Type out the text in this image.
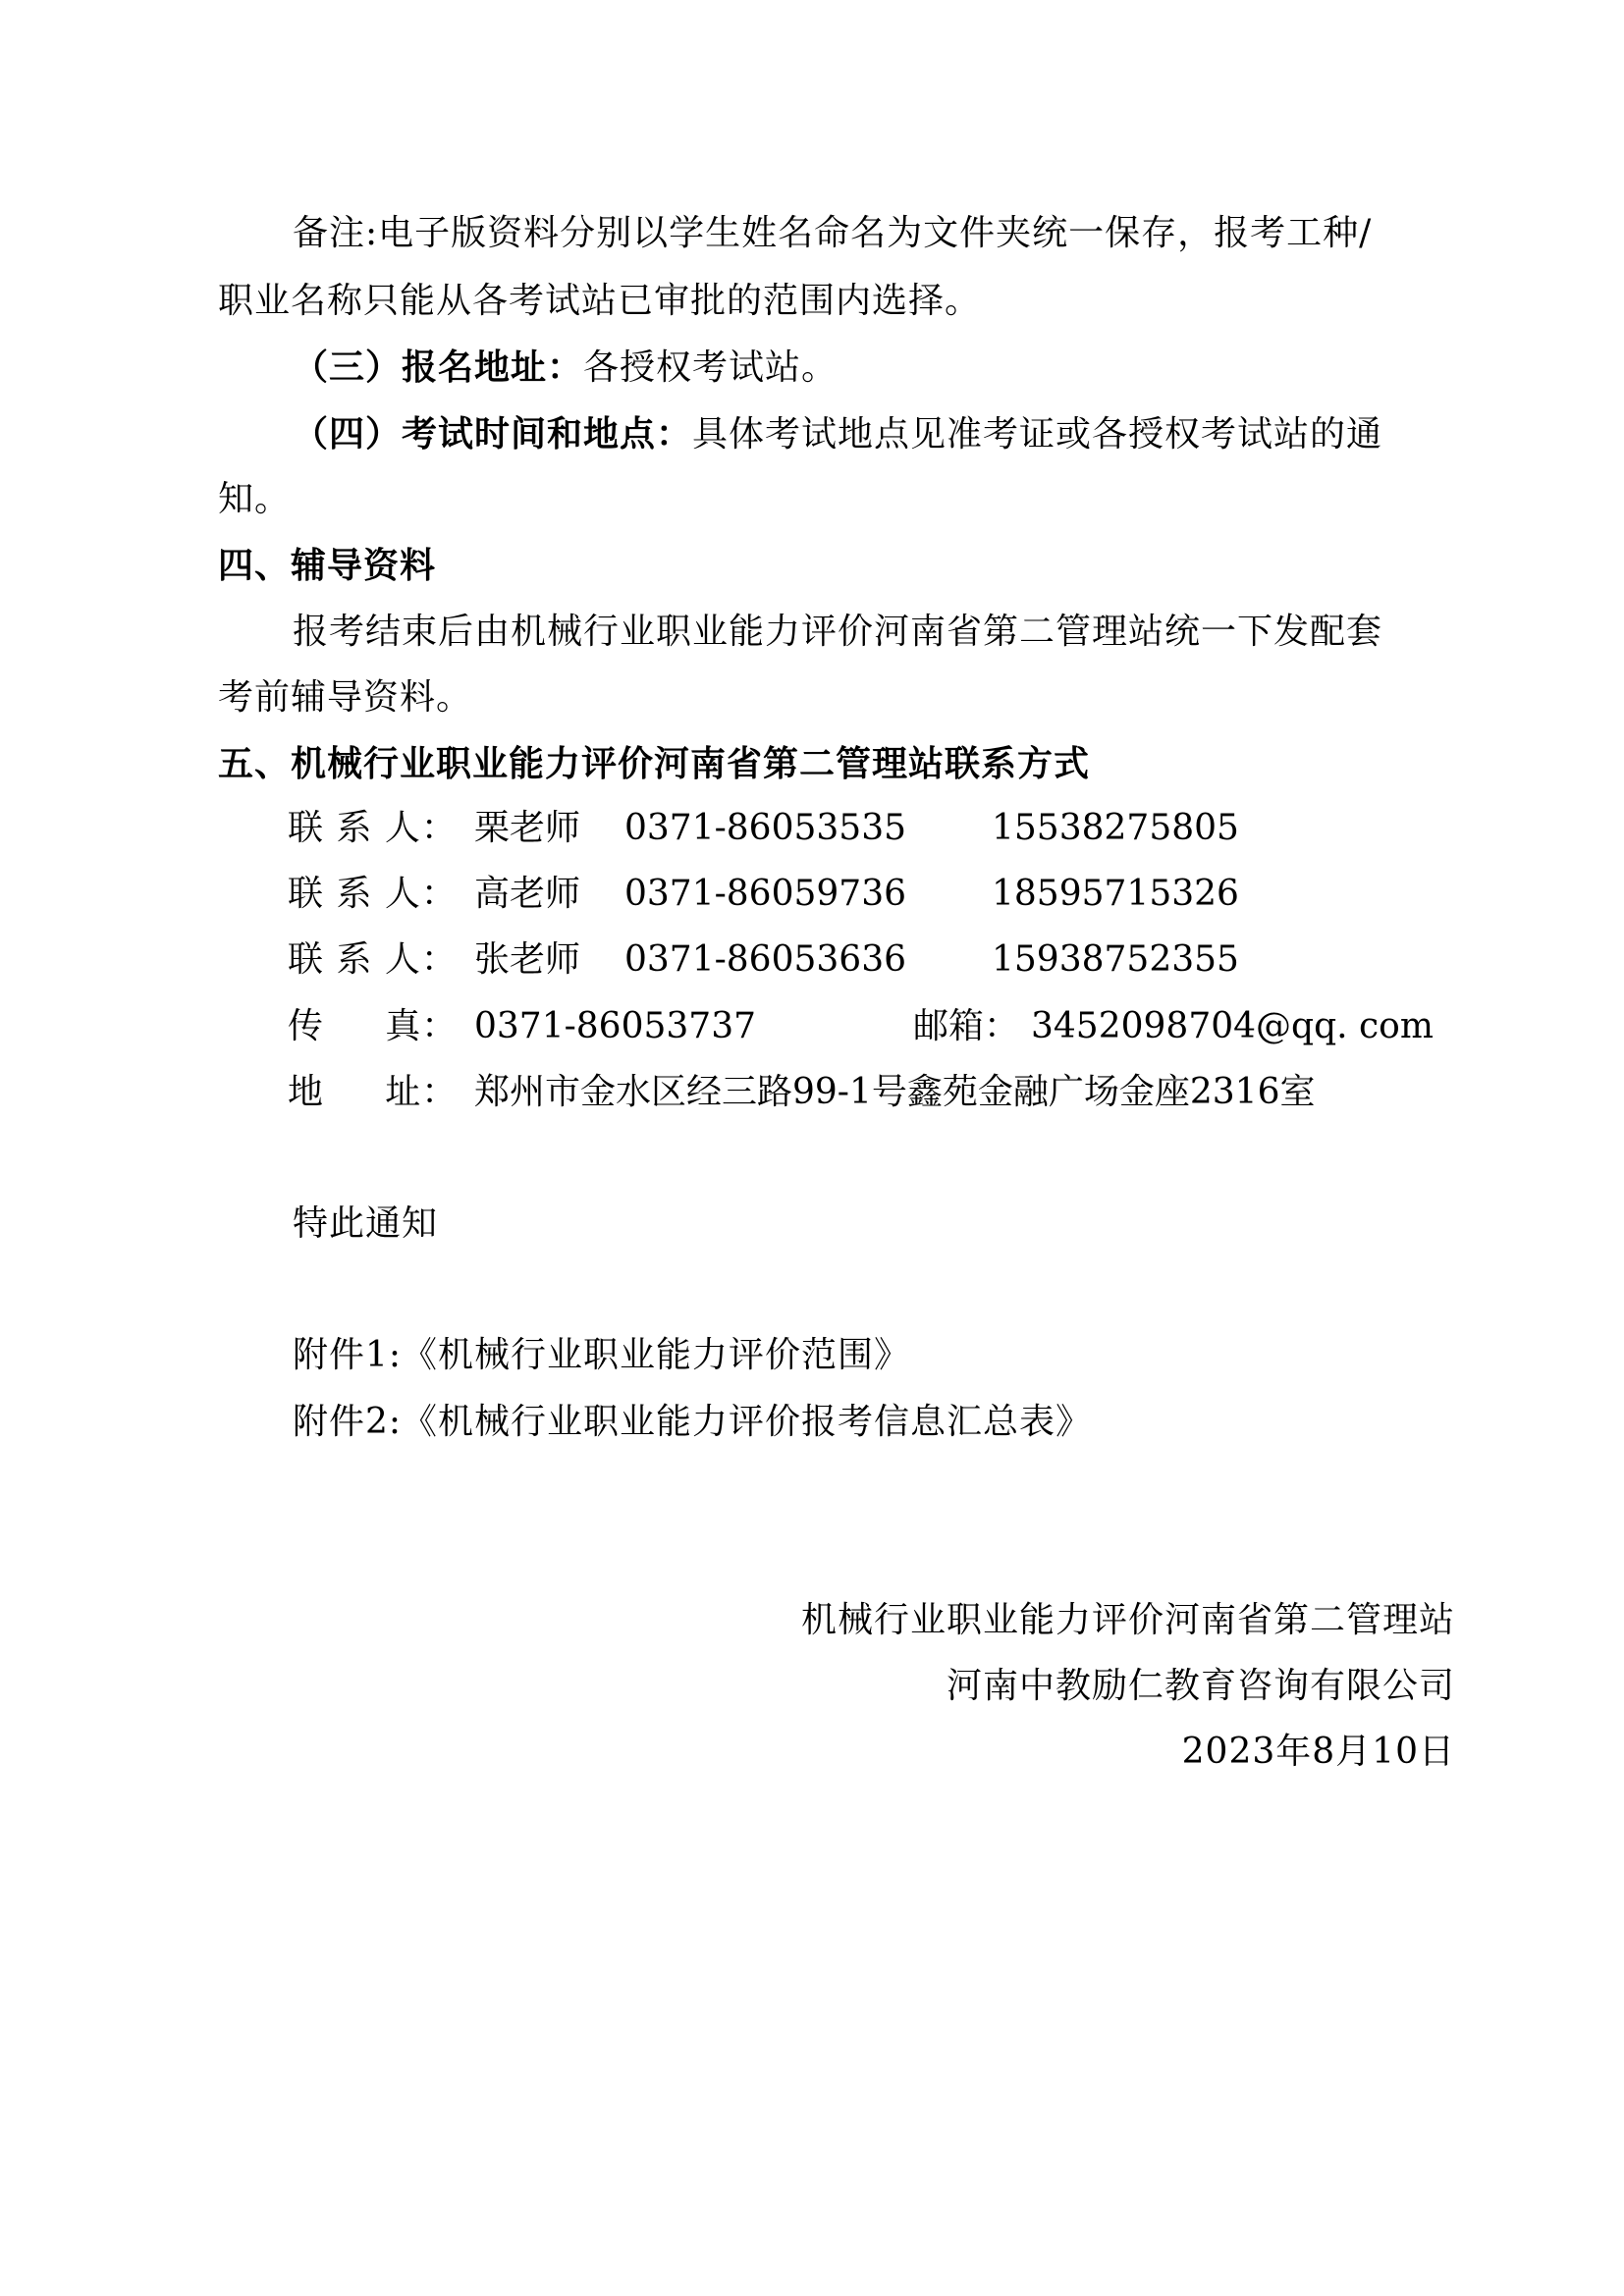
备注:电子版资料分别以学生姓名命名为文件夹统一保存，报考工种/
职业名称只能从各考试站已审批的范围内选择。
（三）报名地址：各授权考试站。
（四）考试时间和地点：具体考试地点见准考证或各授权考试站的通
知。
四、辅导资料
报考结束后由机械行业职业能力评价河南省第二管理站统一下发配套
考前辅导资料。
五、机械行业职业能力评价河南省第二管理站联系方式
联 系 人： 栗老师 0371-86053535 15538275805
联 系 人： 高老师 0371-86059736 18595715326
联 系 人： 张老师 0371-86053636 15938752355
传     真： 0371-86053737	邮箱： 3452098704@qq. com
地     址： 郑州市金水区经三路99-1号鑫苑金融广场金座2316室
特此通知
附件1:《机械行业职业能力评价范围》
附件2:《机械行业职业能力评价报考信息汇总表》
机械行业职业能力评价河南省第二管理站
河南中教励仁教育咨询有限公司
2023年8月10日
